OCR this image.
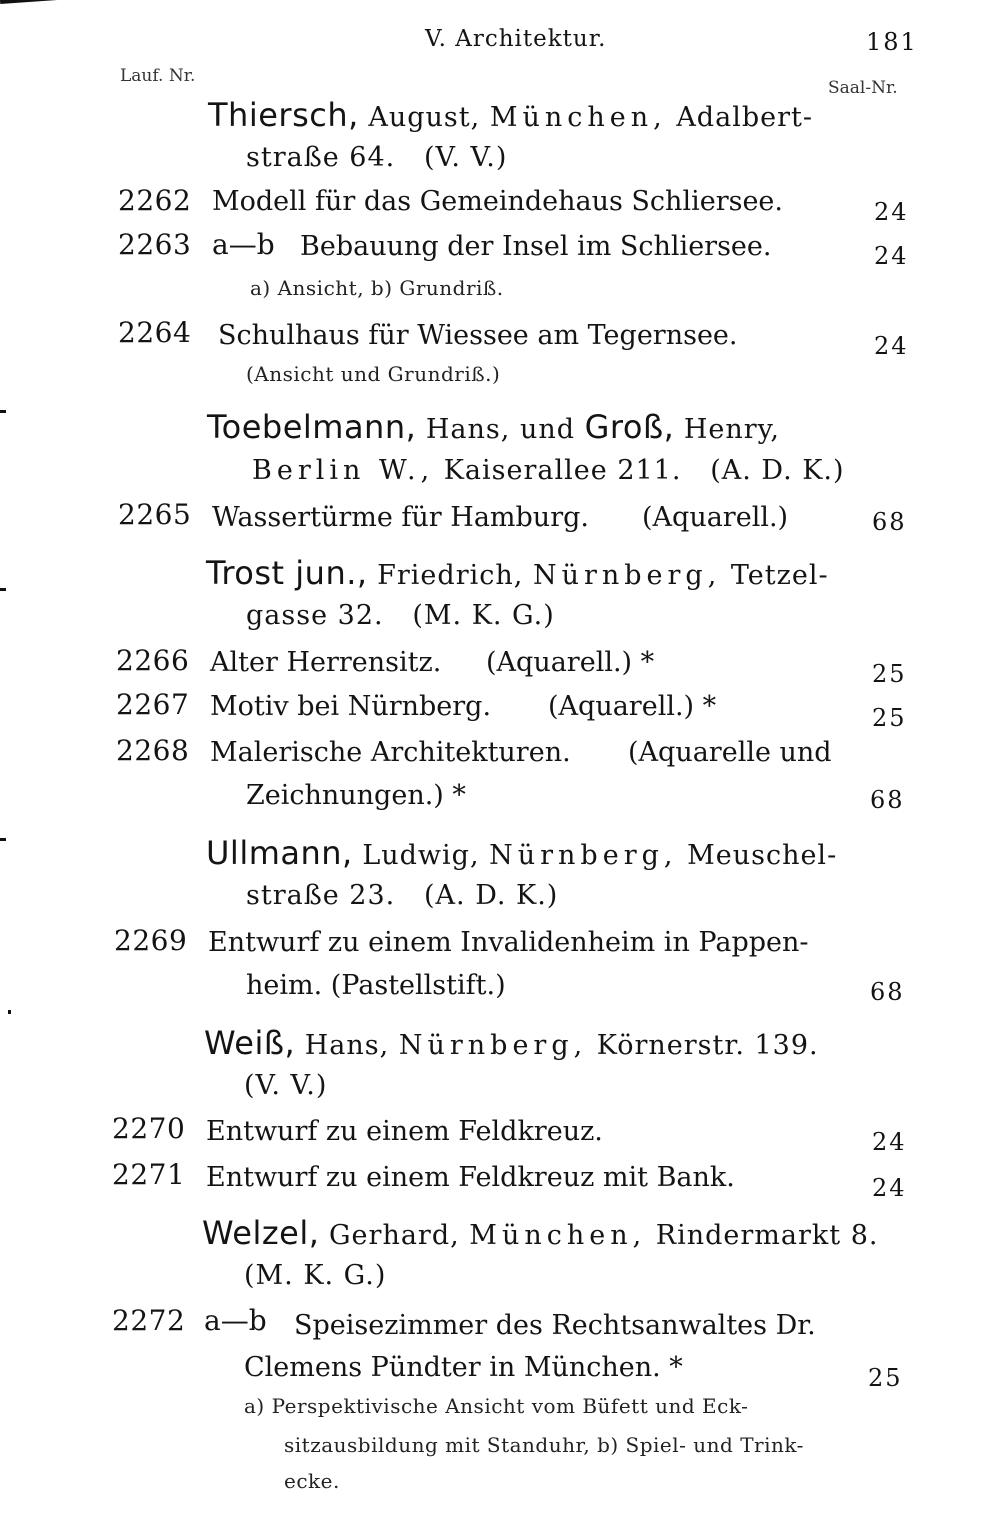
V. Architektur.	181
Lauf. Nr.
Saal-Nr.
Thiersch, August, München, Adalbert-
straße 64. (V. V.)
2262 Modell für das Gemeindehaus Schliersee.	24
2263 a—b Bebauung der Insel im Schliersee.	24
a) Ansicht, b) Grundriß.
2264 Schulhaus für Wiessee am Tegernsee.	24
(Ansicht und Grundriß.)
Toebelmann, Hans, und Groß, Henry,
Berlin W., Kaiserallee 211. (A. D. K.)
2265 Wassertürme für Hamburg. (Aquarell.)	68
Trost jun., Friedrich, Nürnberg, Tetzel-
gasse 32. (M. K. G.)
2266 Alter Herrensitz. (Aquarell.) *	25
2267 Motiv bei Nürnberg. (Aquarell.) *	25
2268 Malerische Architekturen. (Aquarelle und
Zeichnungen.) *	68
Ullmann, Ludwig, Nürnberg, Meuschel-
straße 23. (A. D. K.)
2269 Entwurf zu einem Invalidenheim in Pappen-
heim. (Pastellstift.)	68
Weiß, Hans, Nürnberg, Körnerstr. 139.
(V. V.)
2270 Entwurf zu einem Feldkreuz.	24
2271 Entwurf zu einem Feldkreuz mit Bank.	24
Welzel, Gerhard, München, Rindermarkt 8.
(M. K. G.)
2272 a—b Speisezimmer des Rechtsanwaltes Dr.
Clemens Pündter in München. *	25
a) Perspektivische Ansicht vom Büfett und Eck-
sitzausbildung mit Standuhr, b) Spiel- und Trink-
ecke.
